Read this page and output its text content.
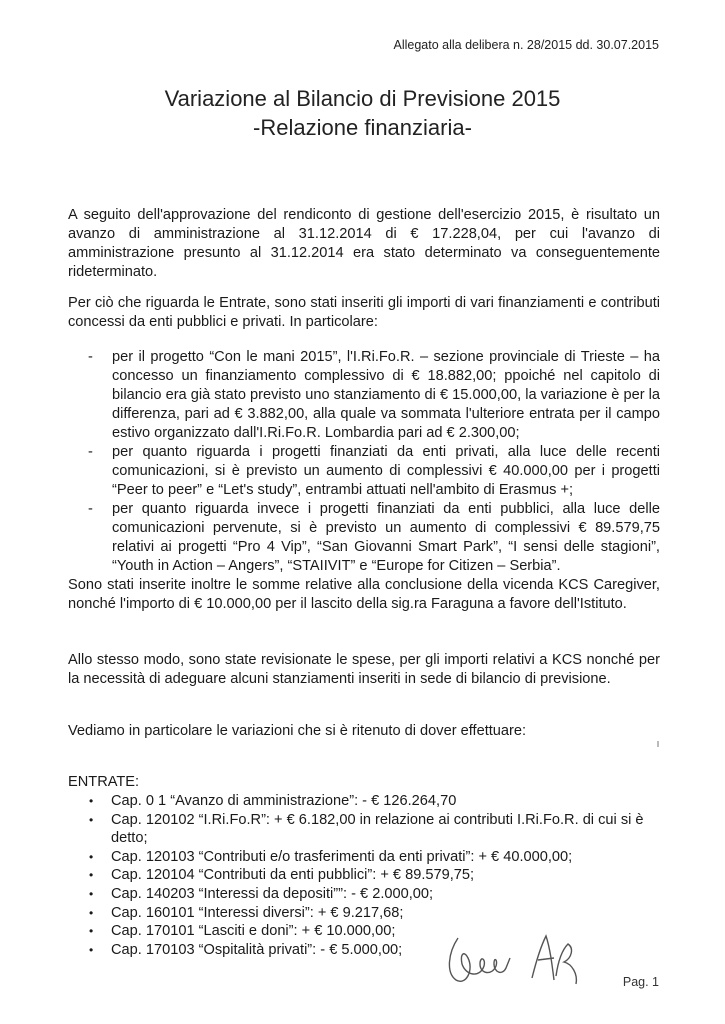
Allegato alla delibera n. 28/2015 dd. 30.07.2015
Variazione al Bilancio di Previsione 2015
-Relazione finanziaria-
A seguito dell'approvazione del rendiconto di gestione dell'esercizio 2015, è risultato un avanzo di amministrazione al 31.12.2014 di € 17.228,04, per cui l'avanzo di amministrazione presunto al 31.12.2014 era stato determinato va conseguentemente rideterminato.
Per ciò che riguarda le Entrate, sono stati inseriti gli importi di vari finanziamenti e contributi concessi da enti pubblici e privati. In particolare:
- per il progetto “Con le mani 2015”, l'I.Ri.Fo.R. – sezione provinciale di Trieste – ha concesso un finanziamento complessivo di € 18.882,00; ppoiché nel capitolo di bilancio era già stato previsto uno stanziamento di € 15.000,00, la variazione è per la differenza, pari ad € 3.882,00, alla quale va sommata l'ulteriore entrata per il campo estivo organizzato dall'I.Ri.Fo.R. Lombardia pari ad € 2.300,00;
- per quanto riguarda i progetti finanziati da enti privati, alla luce delle recenti comunicazioni, si è previsto un aumento di complessivi € 40.000,00 per i progetti “Peer to peer” e “Let's study”, entrambi attuati nell'ambito di Erasmus +;
- per quanto riguarda invece i progetti finanziati da enti pubblici, alla luce delle comunicazioni pervenute, si è previsto un aumento di complessivi € 89.579,75 relativi ai progetti “Pro 4 Vip”, “San Giovanni Smart Park”, “I sensi delle stagioni”, “Youth in Action – Angers”, “STAIIVIT” e “Europe for Citizen – Serbia”.
Sono stati inserite inoltre le somme relative alla conclusione della vicenda KCS Caregiver, nonché l'importo di € 10.000,00 per il lascito della sig.ra Faraguna a favore dell'Istituto.
Allo stesso modo, sono state revisionate le spese, per gli importi relativi a KCS nonché per la necessità di adeguare alcuni stanziamenti inseriti in sede di bilancio di previsione.
Vediamo in particolare le variazioni che si è ritenuto di dover effettuare:
ENTRATE:
• Cap. 0 1 “Avanzo di amministrazione”: - € 126.264,70
• Cap. 120102 “I.Ri.Fo.R”: + € 6.182,00 in relazione ai contributi I.Ri.Fo.R. di cui si è detto;
• Cap. 120103 “Contributi e/o trasferimenti da enti privati”: + € 40.000,00;
• Cap. 120104 “Contributi da enti pubblici”: + € 89.579,75;
• Cap. 140203 “Interessi da depositi””: - € 2.000,00;
• Cap. 160101 “Interessi diversi”: + € 9.217,68;
• Cap. 170101 “Lasciti e doni”: + € 10.000,00;
• Cap. 170103 “Ospitalità privati”: - € 5.000,00;
Pag. 1
